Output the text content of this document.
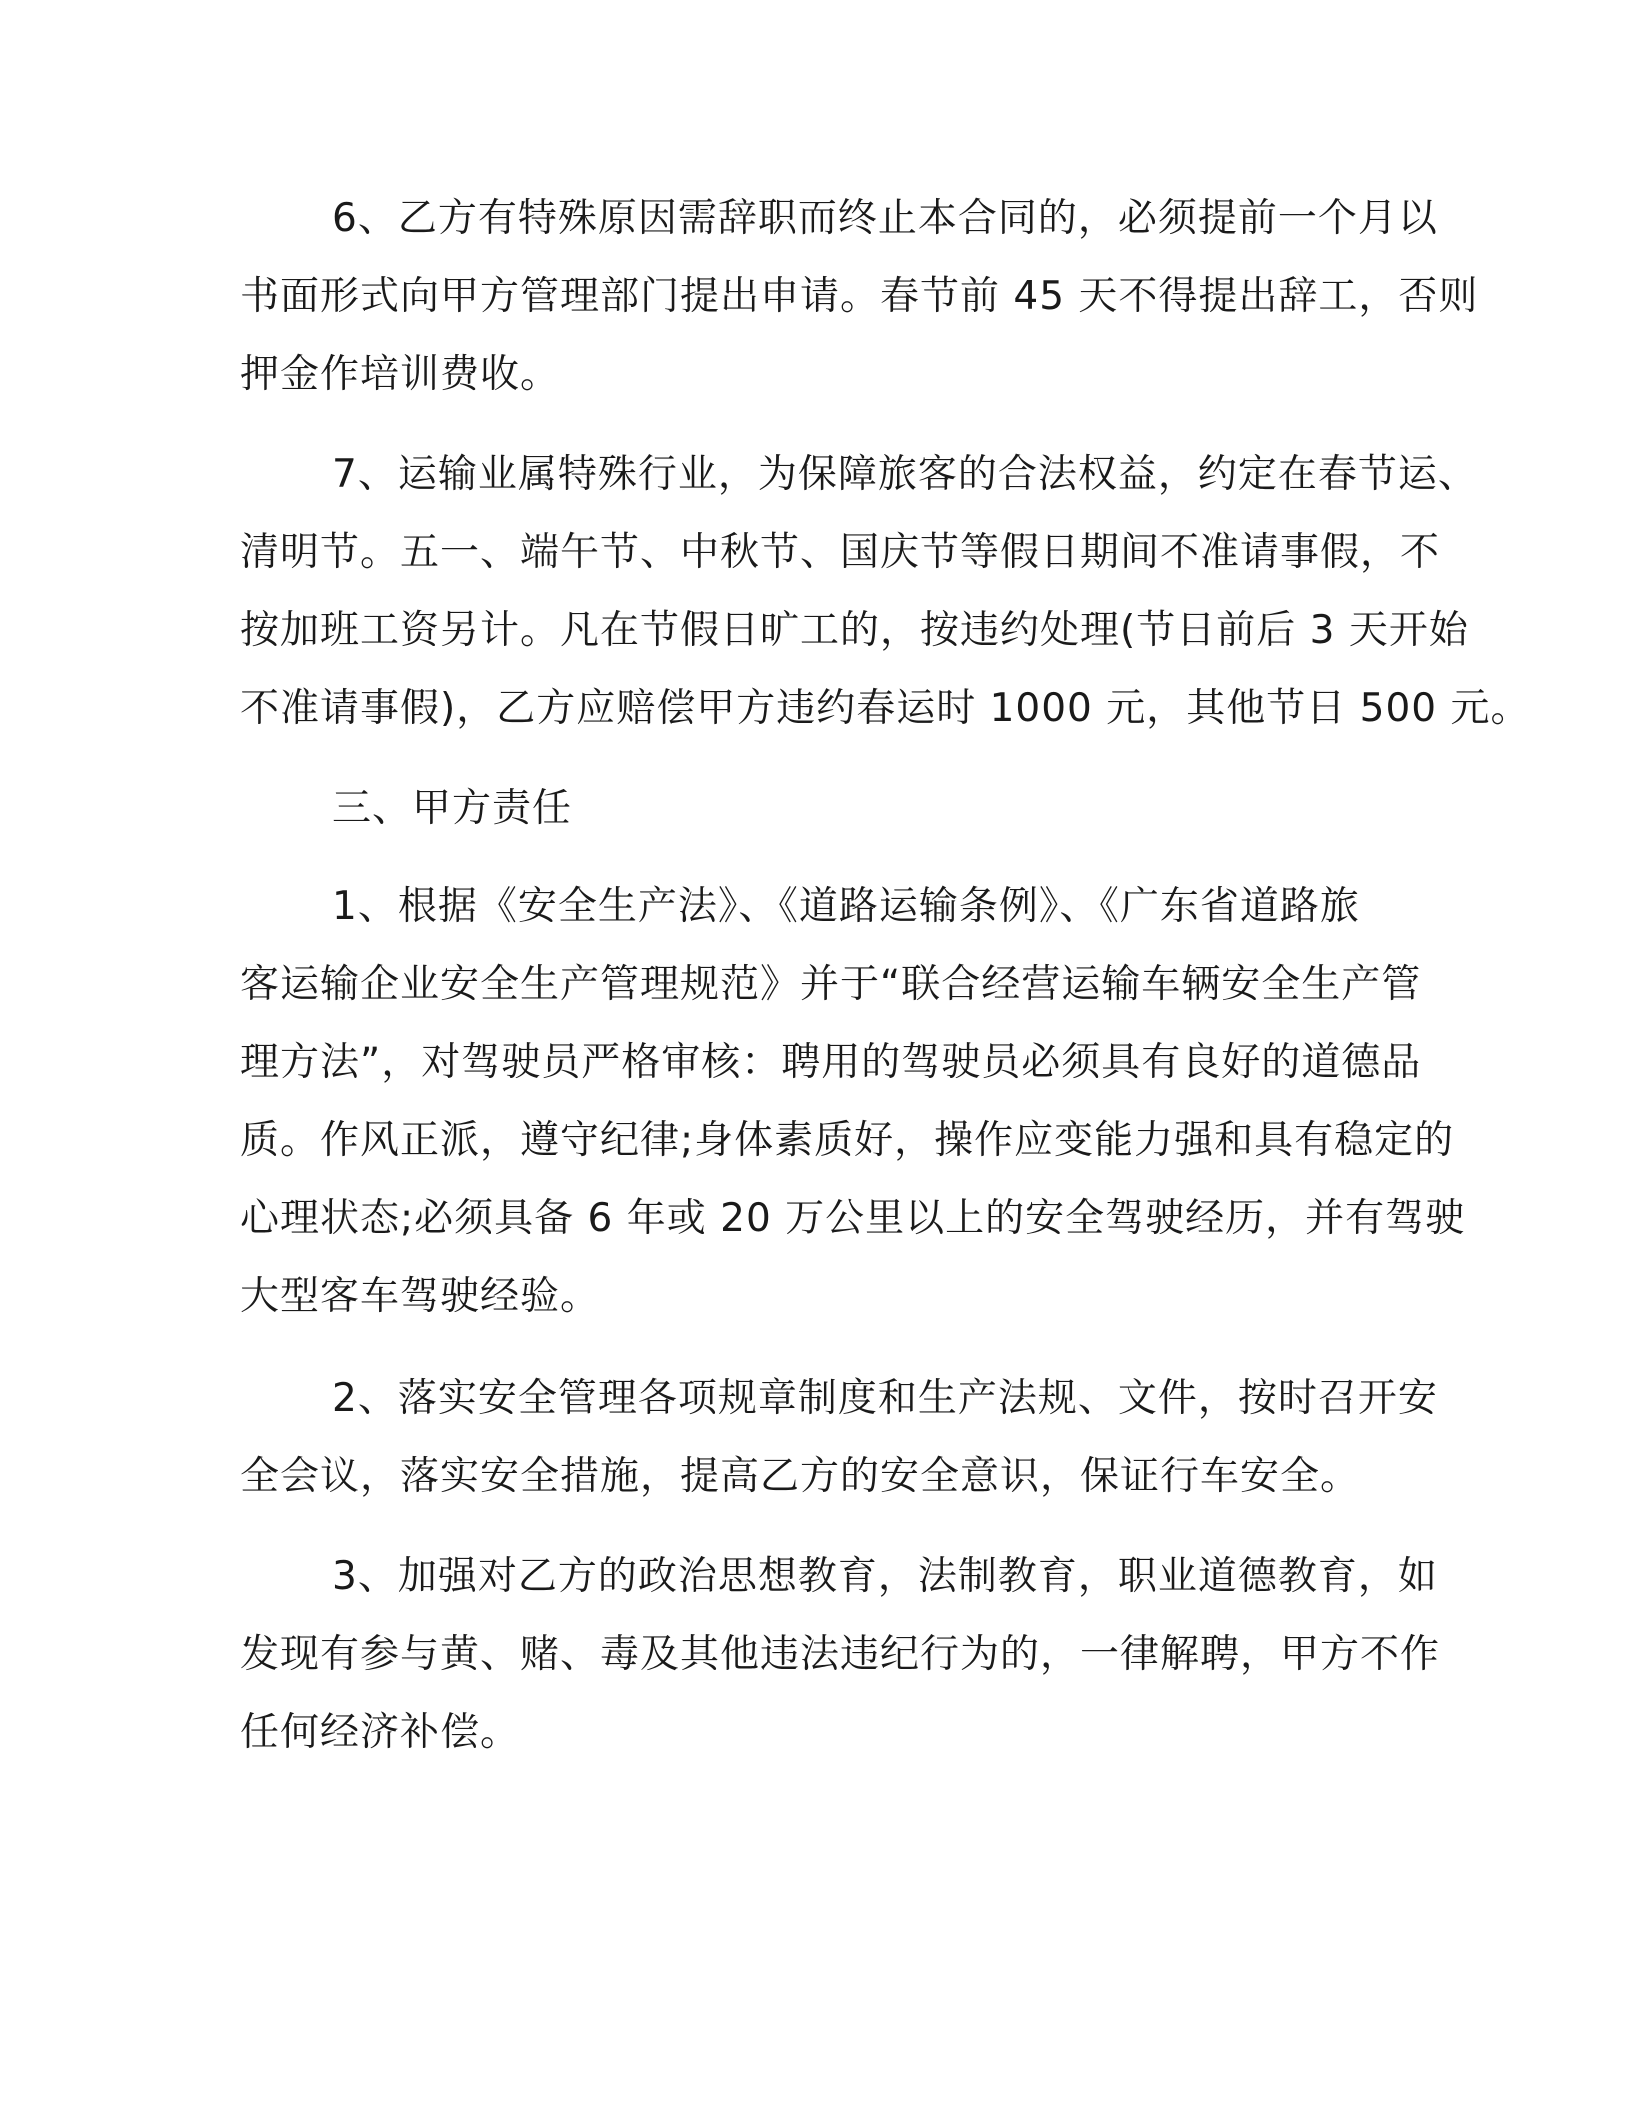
6、乙方有特殊原因需辞职而终止本合同的，必须提前一个月以
书面形式向甲方管理部门提出申请。春节前 45 天不得提出辞工，否则
押金作培训费收。
7、运输业属特殊行业，为保障旅客的合法权益，约定在春节运、
清明节。五一、端午节、中秋节、国庆节等假日期间不准请事假，不
按加班工资另计。凡在节假日旷工的，按违约处理(节日前后 3 天开始
不准请事假)，乙方应赔偿甲方违约春运时 1000 元，其他节日 500 元。
三、甲方责任
1、根据《安全生产法》、《道路运输条例》、《广东省道路旅
客运输企业安全生产管理规范》并于“联合经营运输车辆安全生产管
理方法”，对驾驶员严格审核：聘用的驾驶员必须具有良好的道德品
质。作风正派，遵守纪律;身体素质好，操作应变能力强和具有稳定的
心理状态;必须具备 6 年或 20 万公里以上的安全驾驶经历，并有驾驶
大型客车驾驶经验。
2、落实安全管理各项规章制度和生产法规、文件，按时召开安
全会议，落实安全措施，提高乙方的安全意识，保证行车安全。
3、加强对乙方的政治思想教育，法制教育，职业道德教育，如
发现有参与黄、赌、毒及其他违法违纪行为的，一律解聘，甲方不作
任何经济补偿。
